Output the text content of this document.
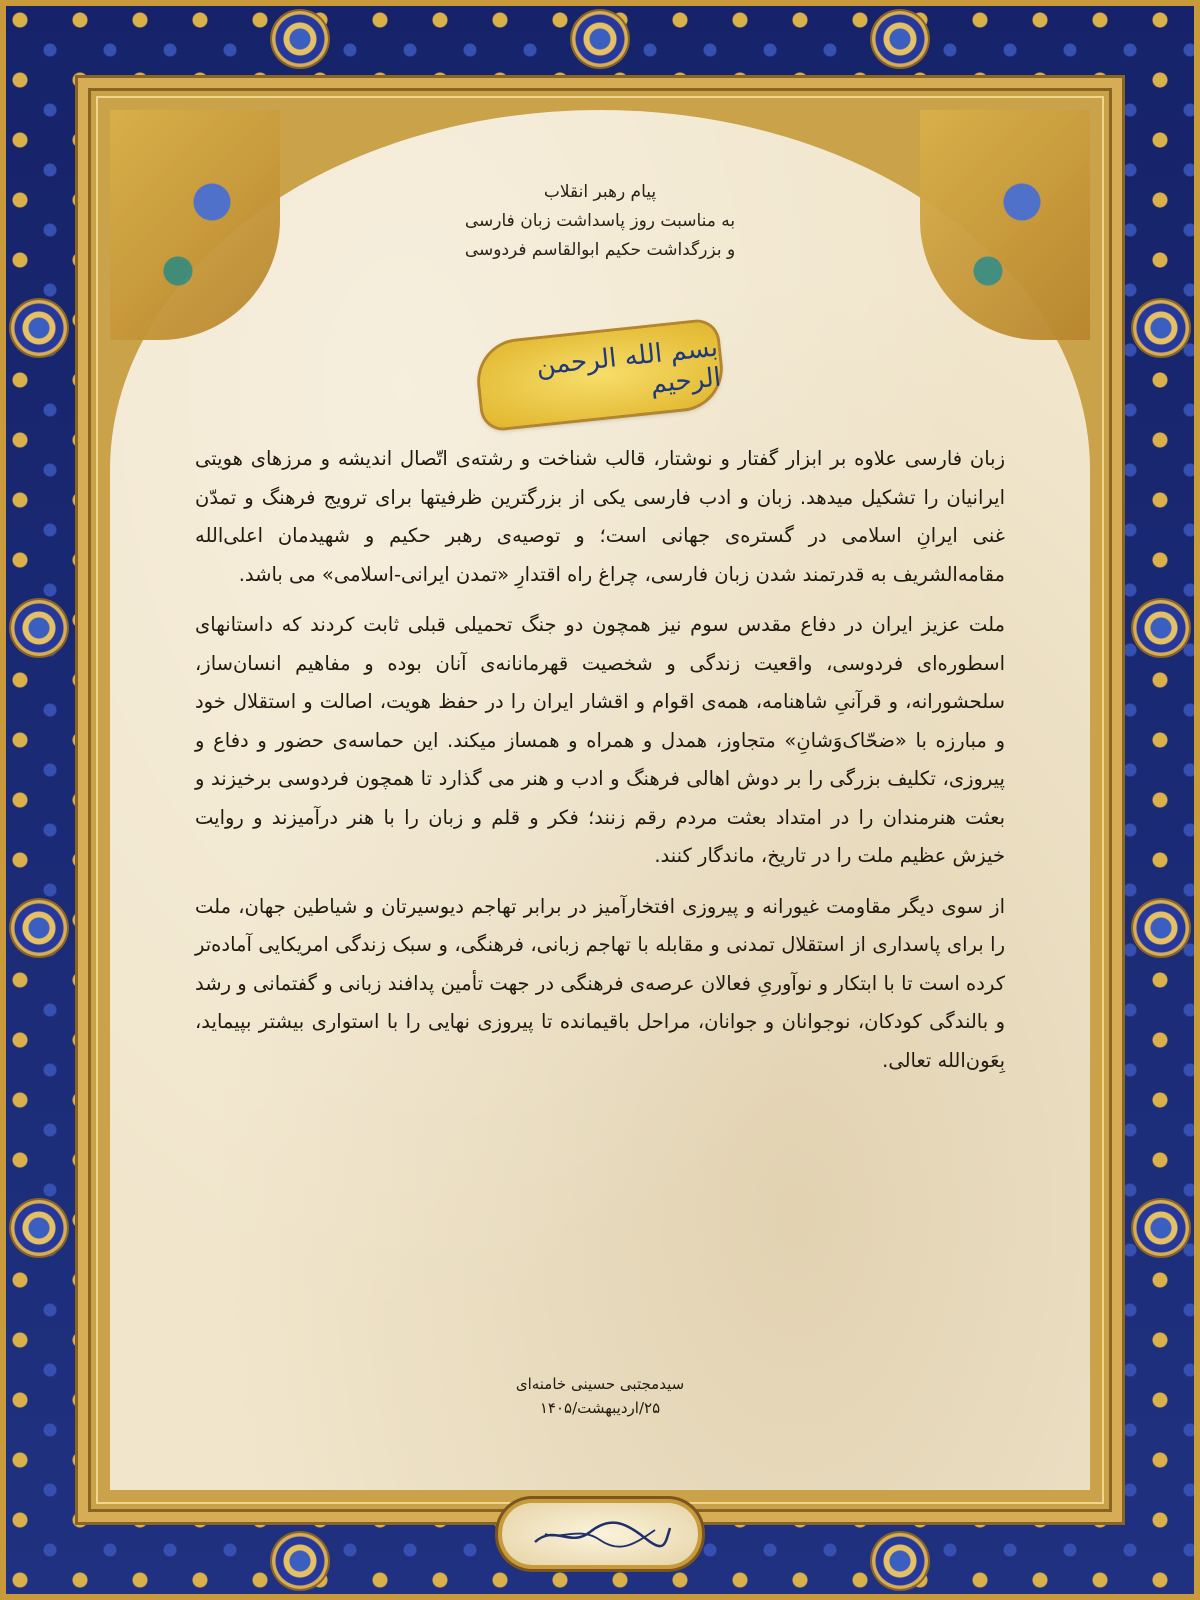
پیام رهبر انقلاب
به مناسبت روز پاسداشت زبان فارسی
و بزرگداشت حکیم ابوالقاسم فردوسی
بسم الله الرحمن الرحیم

زبان فارسی علاوه بر ابزار گفتار و نوشتار، قالب شناخت و رشته‌ی اتّصال اندیشه و مرزهای هویتی ایرانیان را تشکیل میدهد. زبان و ادب فارسی یکی از بزرگترین ظرفیتها برای ترویج فرهنگ و تمدّن غنی ایرانِ اسلامی در گستره‌ی جهانی است؛ و توصیه‌ی رهبر حکیم و شهیدمان اعلی‌الله مقامه‌الشریف به قدرتمند شدن زبان فارسی، چراغ راه اقتدارِ «تمدن ایرانی-اسلامی» می باشد.

ملت عزیز ایران در دفاع مقدس سوم نیز همچون دو جنگ تحمیلی قبلی ثابت کردند که داستانهای اسطوره‌ای فردوسی، واقعیت زندگی و شخصیت قهرمانانه‌ی آنان بوده و مفاهیم انسان‌ساز، سلحشورانه، و قرآنیِ شاهنامه، همه‌ی اقوام و اقشار ایران را در حفظ هویت، اصالت و استقلال خود و مبارزه با «ضحّاک‌وَشانِ» متجاوز، همدل و همراه و همساز میکند. این حماسه‌ی حضور و دفاع و پیروزی، تکلیف بزرگی را بر دوش اهالی فرهنگ و ادب و هنر می گذارد تا همچون فردوسی برخیزند و بعثت هنرمندان را در امتداد بعثت مردم رقم زنند؛ فکر و قلم و زبان را با هنر درآمیزند و روایت خیزش عظیم ملت را در تاریخ، ماندگار کنند.

از سوی دیگر مقاومت غیورانه و پیروزی افتخارآمیز در برابر تهاجم دیوسیرتان و شیاطین جهان، ملت را برای پاسداری از استقلال تمدنی و مقابله با تهاجم زبانی، فرهنگی، و سبک زندگی امریکایی آماده‌تر کرده است تا با ابتکار و نوآوریِ فعالان عرصه‌ی فرهنگی در جهت تأمین پدافند زبانی و گفتمانی و رشد و بالندگی کودکان، نوجوانان و جوانان، مراحل باقیمانده تا پیروزی نهایی را با استواری بیشتر بپیماید، بِعَون‌الله تعالی.

سیدمجتبی حسینی خامنه‌ای
۲۵/اردیبهشت/۱۴۰۵
